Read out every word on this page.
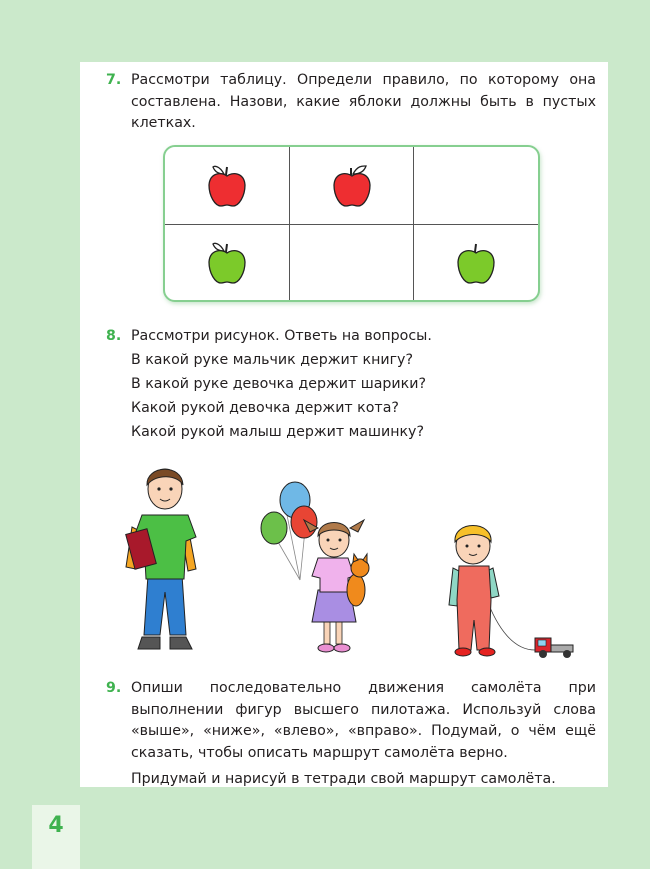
7. Рассмотри таблицу. Определи правило, по которому она составлена. Назови, какие яблоки должны быть в пустых клетках.

8. Рассмотри рисунок. Ответь на вопросы.

В какой руке мальчик держит книгу?

В какой руке девочка держит шарики?

Какой рукой девочка держит кота?

Какой рукой малыш держит машинку?

9. Опиши последовательно движения самолёта при выполнении фигур высшего пилотажа. Используй слова «выше», «ниже», «влево», «вправо». Подумай, о чём ещё сказать, чтобы описать маршрут самолёта верно.

Придумай и нарисуй в тетради свой маршрут самолёта.

4
